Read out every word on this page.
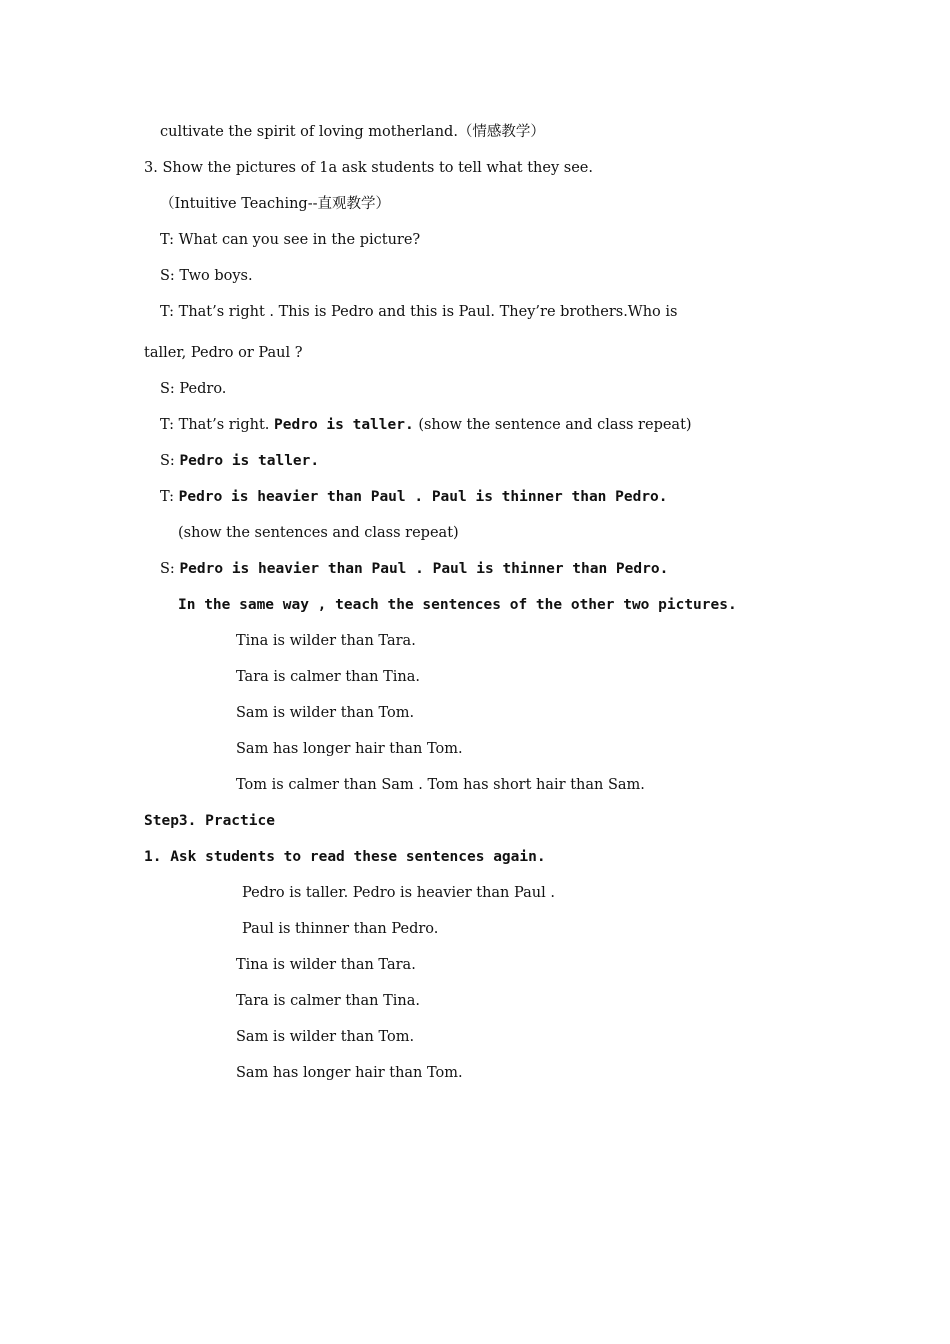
cultivate the spirit of loving motherland.（情感教学）
3. Show the pictures of 1a ask students to tell what they see.
（Intuitive Teaching--直观教学）
T: What can you see in the picture?
S: Two boys.
T: That’s right . This is Pedro and this is Paul. They’re brothers.Who is
taller, Pedro or Paul ?
S: Pedro.
T: That’s right. Pedro is taller. (show the sentence and class repeat)
S: Pedro is taller.
T: Pedro is heavier than Paul . Paul is thinner than Pedro.
(show the sentences and class repeat)
S: Pedro is heavier than Paul . Paul is thinner than Pedro.
In the same way , teach the sentences of the other two pictures.
Tina is wilder than Tara.
Tara is calmer than Tina.
Sam is wilder than Tom.
Sam has longer hair than Tom.
Tom is calmer than Sam . Tom has short hair than Sam.
Step3. Practice
1. Ask students to read these sentences again.
Pedro is taller. Pedro is heavier than Paul .
Paul is thinner than Pedro.
Tina is wilder than Tara.
Tara is calmer than Tina.
Sam is wilder than Tom.
Sam has longer hair than Tom.
